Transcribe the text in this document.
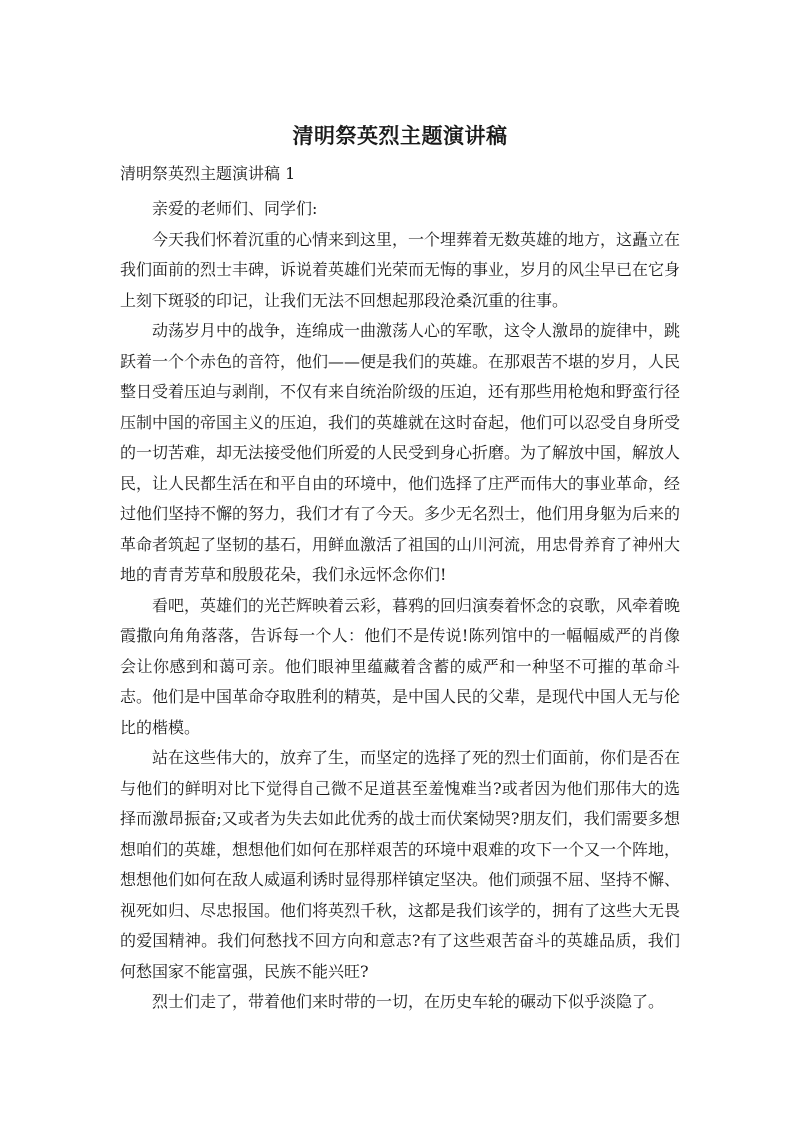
清明祭英烈主题演讲稿
清明祭英烈主题演讲稿 1

亲爱的老师们、同学们:

今天我们怀着沉重的心情来到这里，一个埋葬着无数英雄的地方，这矗立在我们面前的烈士丰碑，诉说着英雄们光荣而无悔的事业，岁月的风尘早已在它身上刻下斑驳的印记，让我们无法不回想起那段沧桑沉重的往事。

动荡岁月中的战争，连绵成一曲激荡人心的军歌，这令人激昂的旋律中，跳跃着一个个赤色的音符，他们——便是我们的英雄。在那艰苦不堪的岁月，人民整日受着压迫与剥削，不仅有来自统治阶级的压迫，还有那些用枪炮和野蛮行径压制中国的帝国主义的压迫，我们的英雄就在这时奋起，他们可以忍受自身所受的一切苦难，却无法接受他们所爱的人民受到身心折磨。为了解放中国，解放人民，让人民都生活在和平自由的环境中，他们选择了庄严而伟大的事业革命，经过他们坚持不懈的努力，我们才有了今天。多少无名烈士，他们用身躯为后来的革命者筑起了坚韧的基石，用鲜血激活了祖国的山川河流，用忠骨养育了神州大地的青青芳草和殷殷花朵，我们永远怀念你们!

看吧，英雄们的光芒辉映着云彩，暮鸦的回归演奏着怀念的哀歌，风牵着晚霞撒向角角落落，告诉每一个人：他们不是传说!陈列馆中的一幅幅威严的肖像会让你感到和蔼可亲。他们眼神里蕴藏着含蓄的威严和一种坚不可摧的革命斗志。他们是中国革命夺取胜利的精英，是中国人民的父辈，是现代中国人无与伦比的楷模。

站在这些伟大的，放弃了生，而坚定的选择了死的烈士们面前，你们是否在与他们的鲜明对比下觉得自己微不足道甚至羞愧难当?或者因为他们那伟大的选择而激昂振奋;又或者为失去如此优秀的战士而伏案恸哭?朋友们，我们需要多想想咱们的英雄，想想他们如何在那样艰苦的环境中艰难的攻下一个又一个阵地，想想他们如何在敌人威逼利诱时显得那样镇定坚决。他们顽强不屈、坚持不懈、视死如归、尽忠报国。他们将英烈千秋，这都是我们该学的，拥有了这些大无畏的爱国精神。我们何愁找不回方向和意志?有了这些艰苦奋斗的英雄品质，我们何愁国家不能富强，民族不能兴旺?

烈士们走了，带着他们来时带的一切，在历史车轮的碾动下似乎淡隐了。
